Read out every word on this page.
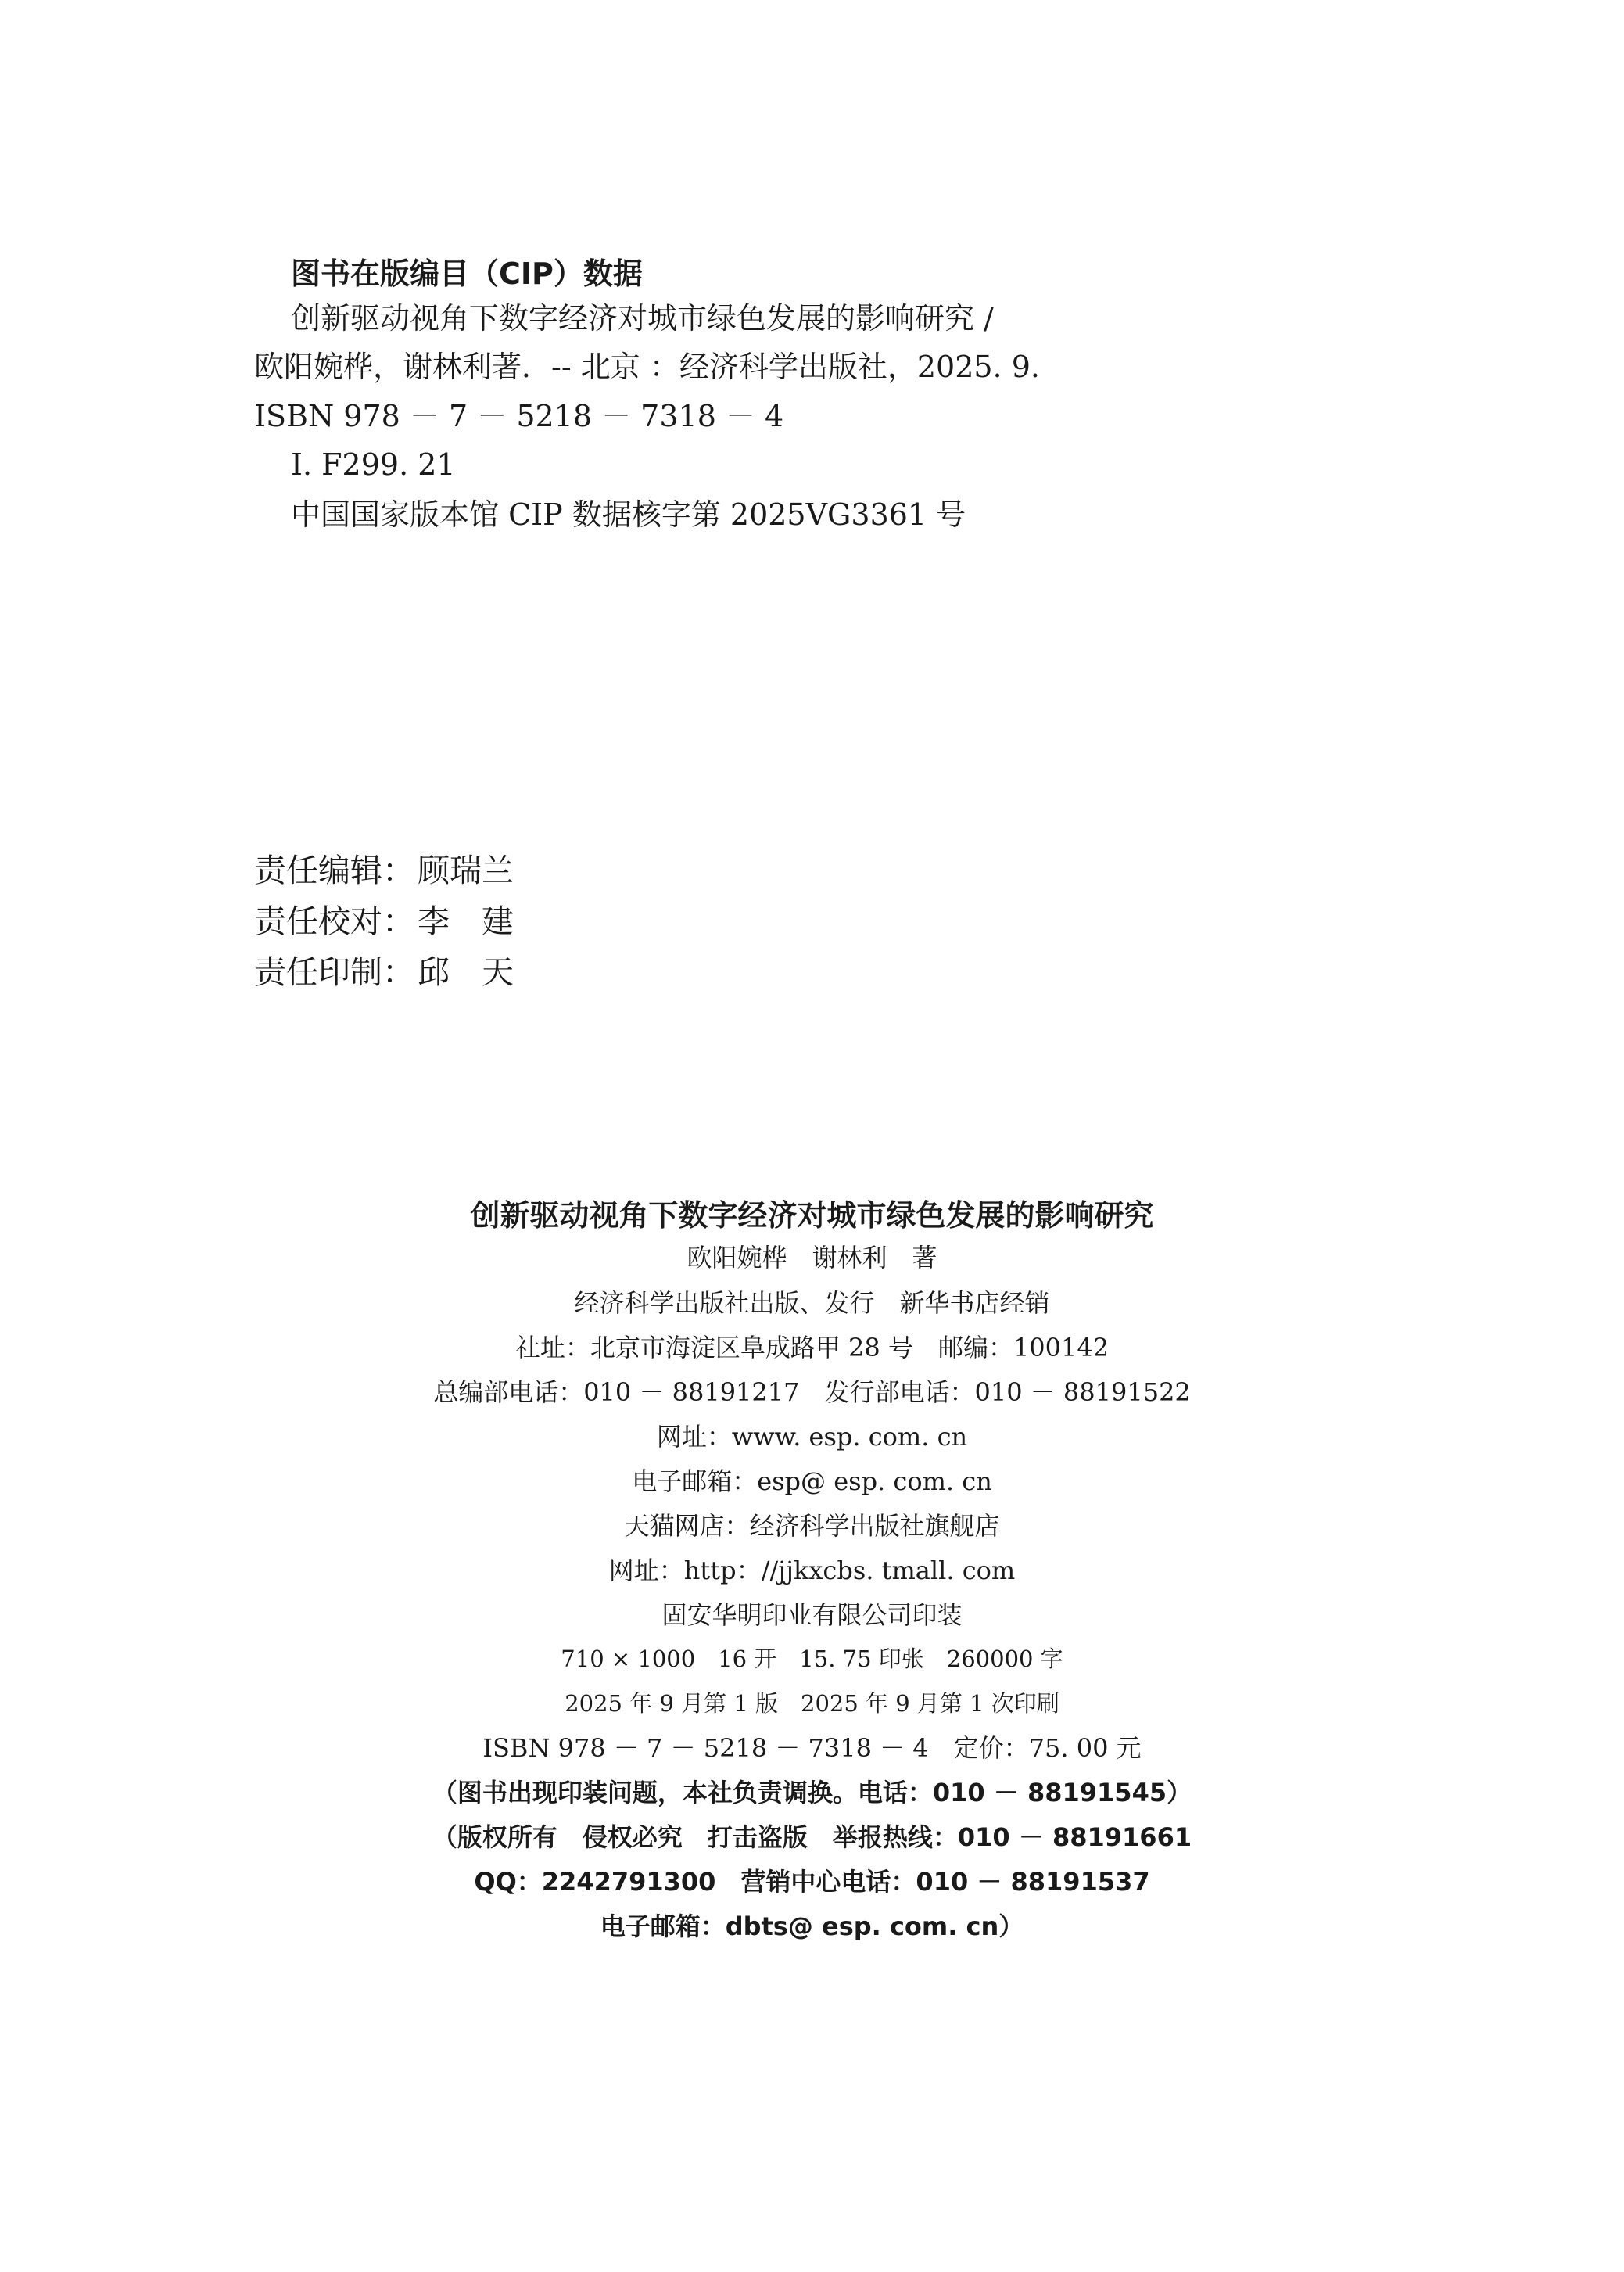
图书在版编目（CIP）数据
创新驱动视角下数字经济对城市绿色发展的影响研究 /
欧阳婉桦，谢林利著．-- 北京 ：经济科学出版社，2025. 9.
ISBN 978 － 7 － 5218 － 7318 － 4
Ⅰ. F299. 21
中国国家版本馆 CIP 数据核字第 2025VG3361 号
责任编辑：顾瑞兰
责任校对：李　建
责任印制：邱　天
创新驱动视角下数字经济对城市绿色发展的影响研究
欧阳婉桦　谢林利　著
经济科学出版社出版、发行　新华书店经销
社址：北京市海淀区阜成路甲 28 号　邮编：100142
总编部电话：010 － 88191217　发行部电话：010 － 88191522
网址：www. esp. com. cn
电子邮箱：esp@ esp. com. cn
天猫网店：经济科学出版社旗舰店
网址：http：//jjkxcbs. tmall. com
固安华明印业有限公司印装
710 × 1000　16 开　15. 75 印张　260000 字
2025 年 9 月第 1 版　2025 年 9 月第 1 次印刷
ISBN 978 － 7 － 5218 － 7318 － 4　定价：75. 00 元
（图书出现印装问题，本社负责调换。电话：010 － 88191545）
（版权所有　侵权必究　打击盗版　举报热线：010 － 88191661
QQ：2242791300　营销中心电话：010 － 88191537
电子邮箱：dbts@ esp. com. cn）
